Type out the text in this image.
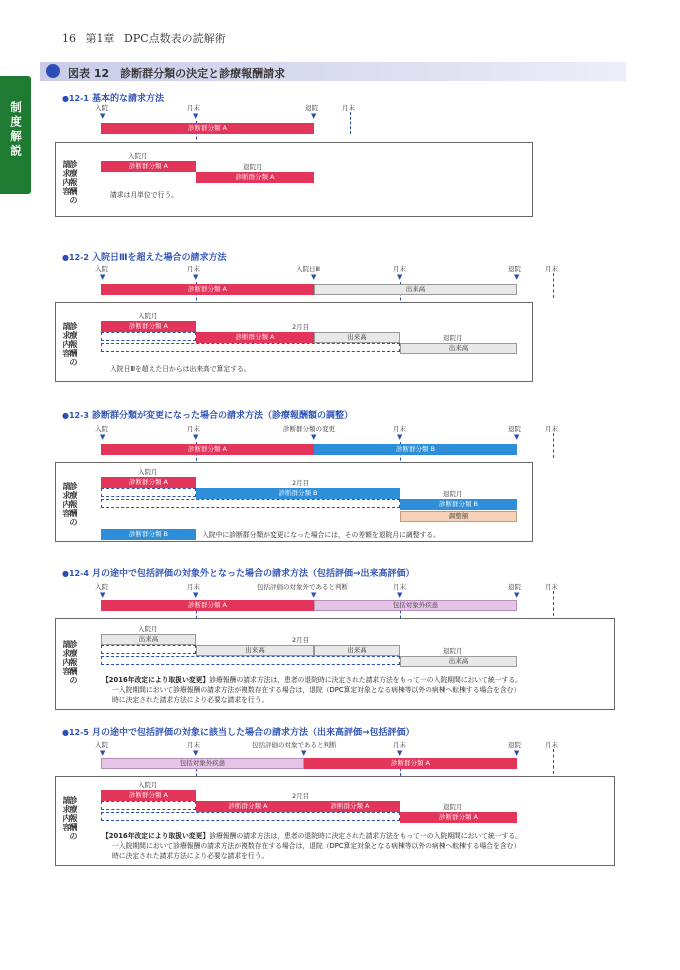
16 第1章 DPC点数表の読解術
制度解説
図表 12　診断群分類の決定と診療報酬請求
●12-1 基本的な請求方法
入院	月末	退院	月末
▼	▼	▼
診断群分類 A
請求内容
診療報酬の
入院月
診断群分類 A	退院月
診断群分類 A
請求は月単位で行う。
●12-2 入院日Ⅲを超えた場合の請求方法
入院	月末	入院日Ⅲ	月末	退院	月末
▼	▼	▼	▼	▼
診断群分類 A	出来高
請求内容
診療報酬の
入院月
診断群分類 A	2月目
診断群分類 A	出来高	退院月
出来高
入院日Ⅲを超えた日からは出来高で算定する。
●12-3 診断群分類が変更になった場合の請求方法（診療報酬額の調整）
入院	月末	診断群分類の変更	月末	退院	月末
▼	▼	▼	▼	▼
診断群分類 A	診断群分類 B
請求内容
診療報酬の
入院月
診断群分類 A	2月目
診断群分類 B	退院月
診断群分類 B
調整額
診断群分類 B	入院中に診断群分類が変更になった場合には，その差額を退院月に調整する。
●12-4 月の途中で包括評価の対象外となった場合の請求方法（包括評価→出来高評価）
入院	月末	包括評価の対象外であると判断	月末	退院	月末
▼	▼	▼	▼	▼
診断群分類 A	包括対象外疾患
請求内容
診療報酬の
入院月
出来高	2月目
出来高	出来高	退院月
出来高
【2016年改定により取扱い変更】診療報酬の請求方法は，患者の退院時に決定された請求方法をもって一の入院期間において統一する。
一入院期間において診療報酬の請求方法が複数存在する場合は，退院（DPC算定対象となる病棟等以外の病棟へ転棟する場合を含む）
時に決定された請求方法により必要な請求を行う。
●12-5 月の途中で包括評価の対象に該当した場合の請求方法（出来高評価→包括評価）
入院	月末	包括評価の対象であると判断	月末	退院	月末
▼	▼	▼	▼	▼
包括対象外疾患	診断群分類 A
請求内容
診療報酬の
入院月
診断群分類 A	2月目
診断群分類 A	診断群分類 A	退院月
診断群分類 A
【2016年改定により取扱い変更】診療報酬の請求方法は，患者の退院時に決定された請求方法をもって一の入院期間において統一する。
一入院期間において診療報酬の請求方法が複数存在する場合は，退院（DPC算定対象となる病棟等以外の病棟へ転棟する場合を含む）
時に決定された請求方法により必要な請求を行う。
